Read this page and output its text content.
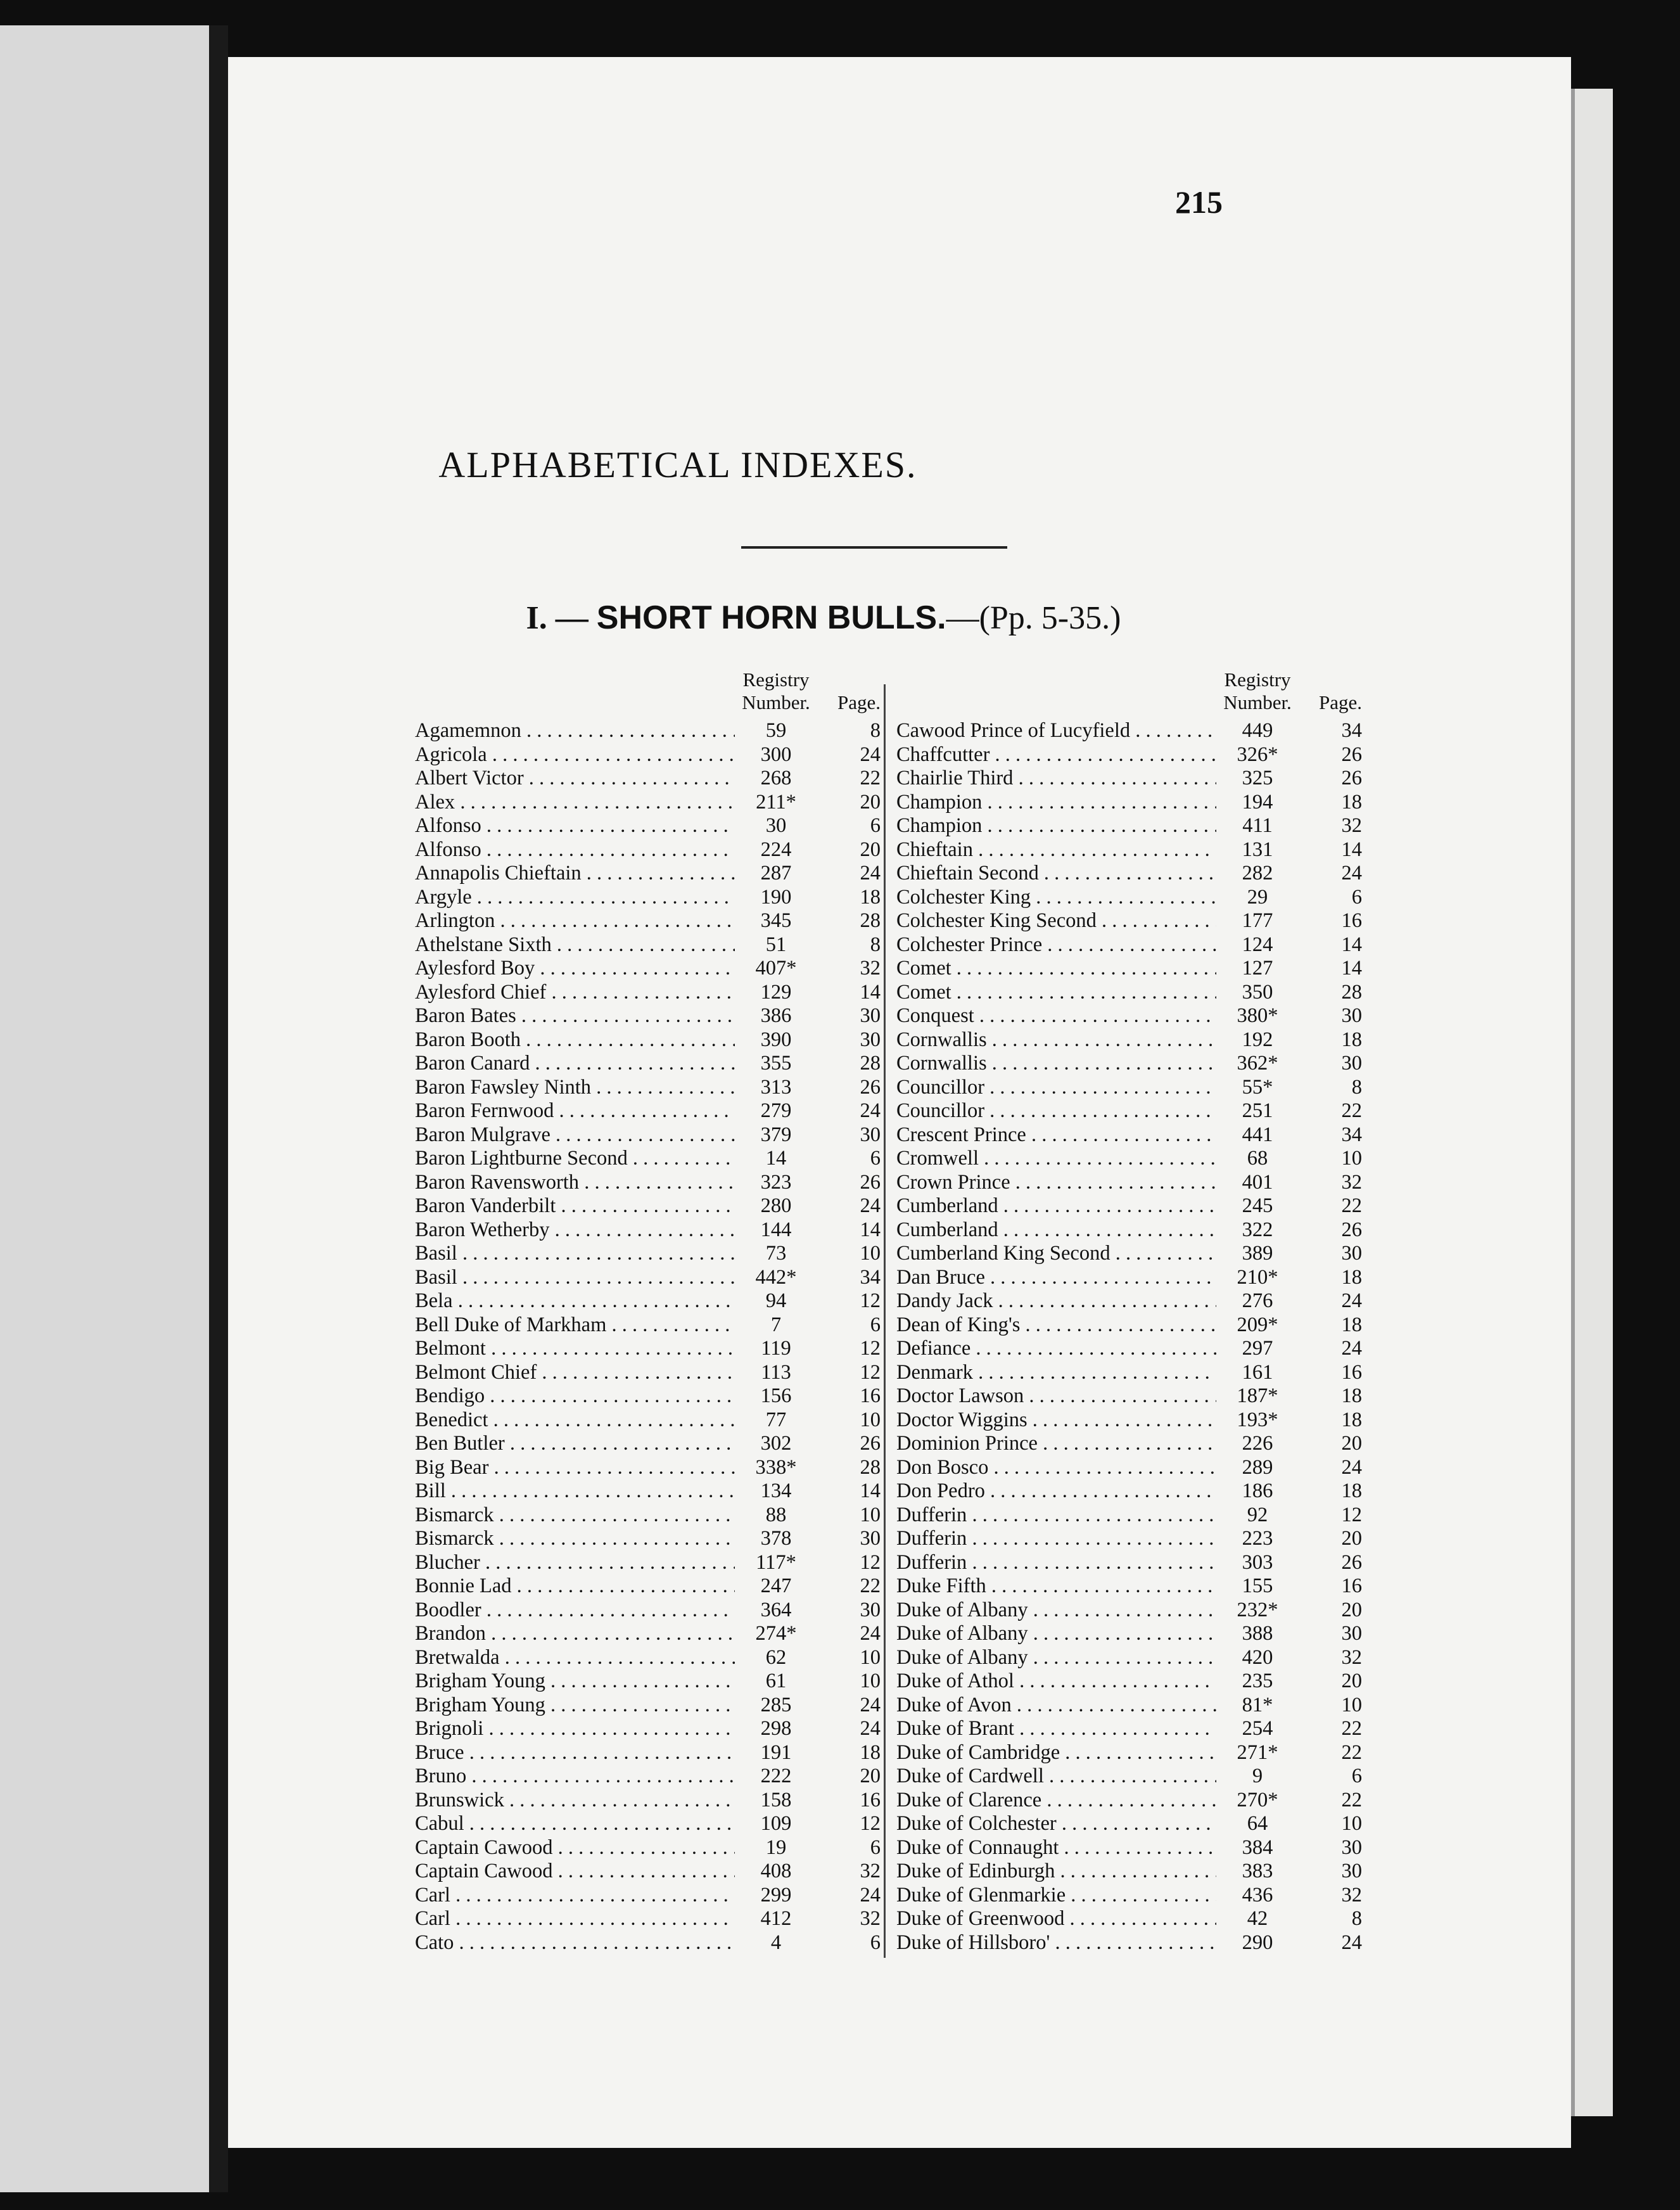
215
ALPHABETICAL INDEXES.
I. — SHORT HORN BULLS.—(Pp. 5-35.)
Registry
Number.	Page.
Agamemnon . . .	59	8
Agricola . . .	300	24
Albert Victor . . .	268	22
Alex . . .	211*	20
Alfonso . . .	30	6
Alfonso . . .	224	20
Annapolis Chieftain . . .	287	24
Argyle . . .	190	18
Arlington . . .	345	28
Athelstane Sixth . . .	51	8
Aylesford Boy . . .	407*	32
Aylesford Chief . . .	129	14
Baron Bates . . .	386	30
Baron Booth . . .	390	30
Baron Canard . . .	355	28
Baron Fawsley Ninth . . .	313	26
Baron Fernwood . . .	279	24
Baron Mulgrave . . .	379	30
Baron Lightburne Second . . .	14	6
Baron Ravensworth . . .	323	26
Baron Vanderbilt . . .	280	24
Baron Wetherby . . .	144	14
Basil . . .	73	10
Basil . . .	442*	34
Bela . . .	94	12
Bell Duke of Markham . . .	7	6
Belmont . . .	119	12
Belmont Chief . . .	113	12
Bendigo . . .	156	16
Benedict . . .	77	10
Ben Butler . . .	302	26
Big Bear . . .	338*	28
Bill . . .	134	14
Bismarck . . .	88	10
Bismarck . . .	378	30
Blucher . . .	117*	12
Bonnie Lad . . .	247	22
Boodler . . .	364	30
Brandon . . .	274*	24
Bretwalda . . .	62	10
Brigham Young . . .	61	10
Brigham Young . . .	285	24
Brignoli . . .	298	24
Bruce . . .	191	18
Bruno . . .	222	20
Brunswick . . .	158	16
Cabul . . .	109	12
Captain Cawood . . .	19	6
Captain Cawood . . .	408	32
Carl . . .	299	24
Carl . . .	412	32
Cato . . .	4	6
Registry
Number.	Page.
Cawood Prince of Lucyfield . . .	449	34
Chaffcutter . . .	326*	26
Chairlie Third . . .	325	26
Champion . . .	194	18
Champion . . .	411	32
Chieftain . . .	131	14
Chieftain Second . . .	282	24
Colchester King . . .	29	6
Colchester King Second . . .	177	16
Colchester Prince . . .	124	14
Comet . . .	127	14
Comet . . .	350	28
Conquest . . .	380*	30
Cornwallis . . .	192	18
Cornwallis . . .	362*	30
Councillor . . .	55*	8
Councillor . . .	251	22
Crescent Prince . . .	441	34
Cromwell . . .	68	10
Crown Prince . . .	401	32
Cumberland . . .	245	22
Cumberland . . .	322	26
Cumberland King Second . . .	389	30
Dan Bruce . . .	210*	18
Dandy Jack . . .	276	24
Dean of King's . . .	209*	18
Defiance . . .	297	24
Denmark . . .	161	16
Doctor Lawson . . .	187*	18
Doctor Wiggins . . .	193*	18
Dominion Prince . . .	226	20
Don Bosco . . .	289	24
Don Pedro . . .	186	18
Dufferin . . .	92	12
Dufferin . . .	223	20
Dufferin . . .	303	26
Duke Fifth . . .	155	16
Duke of Albany . . .	232*	20
Duke of Albany . . .	388	30
Duke of Albany . . .	420	32
Duke of Athol . . .	235	20
Duke of Avon . . .	81*	10
Duke of Brant . . .	254	22
Duke of Cambridge . . .	271*	22
Duke of Cardwell . . .	9	6
Duke of Clarence . . .	270*	22
Duke of Colchester . . .	64	10
Duke of Connaught . . .	384	30
Duke of Edinburgh . . .	383	30
Duke of Glenmarkie . . .	436	32
Duke of Greenwood . . .	42	8
Duke of Hillsboro' . . .	290	24
